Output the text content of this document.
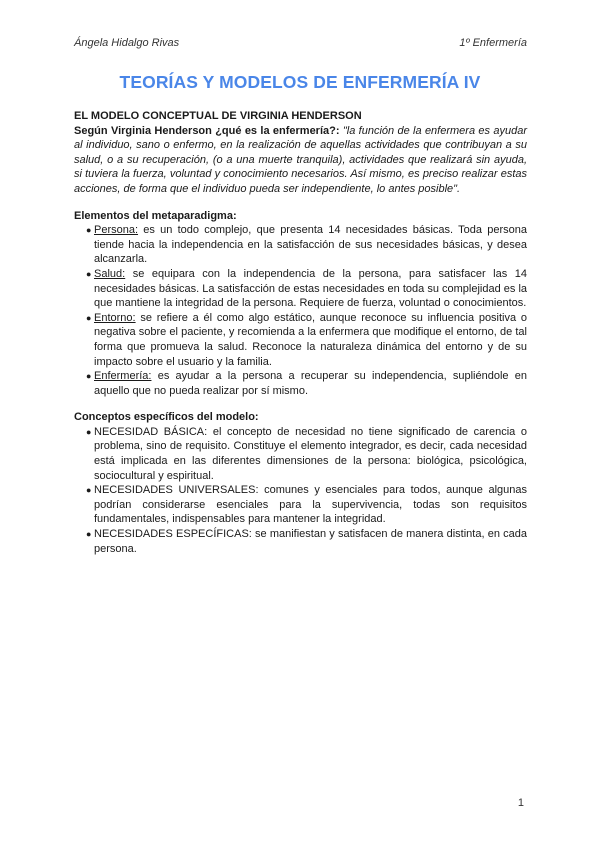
Ángela Hidalgo Rivas	1º Enfermería
TEORÍAS Y MODELOS DE ENFERMERÍA IV
EL MODELO CONCEPTUAL DE VIRGINIA HENDERSON
Según Virginia Henderson ¿qué es la enfermería?: "la función de la enfermera es ayudar al individuo, sano o enfermo, en la realización de aquellas actividades que contribuyan a su salud, o a su recuperación, (o a una muerte tranquila), actividades que realizará sin ayuda, si tuviera la fuerza, voluntad y conocimiento necesarios. Así mismo, es preciso realizar estas acciones, de forma que el individuo pueda ser independiente, lo antes posible".
Elementos del metaparadigma:
● Persona: es un todo complejo, que presenta 14 necesidades básicas. Toda persona tiende hacia la independencia en la satisfacción de sus necesidades básicas, y desea alcanzarla.
● Salud: se equipara con la independencia de la persona, para satisfacer las 14 necesidades básicas. La satisfacción de estas necesidades en toda su complejidad es la que mantiene la integridad de la persona. Requiere de fuerza, voluntad o conocimientos.
● Entorno: se refiere a él como algo estático, aunque reconoce su influencia positiva o negativa sobre el paciente, y recomienda a la enfermera que modifique el entorno, de tal forma que promueva la salud. Reconoce la naturaleza dinámica del entorno y de su impacto sobre el usuario y la familia.
● Enfermería: es ayudar a la persona a recuperar su independencia, supliéndole en aquello que no pueda realizar por sí mismo.
Conceptos específicos del modelo:
● NECESIDAD BÁSICA: el concepto de necesidad no tiene significado de carencia o problema, sino de requisito. Constituye el elemento integrador, es decir, cada necesidad está implicada en las diferentes dimensiones de la persona: biológica, psicológica, sociocultural y espiritual.
● NECESIDADES UNIVERSALES: comunes y esenciales para todos, aunque algunas podrían considerarse esenciales para la supervivencia, todas son requisitos fundamentales, indispensables para mantener la integridad.
● NECESIDADES ESPECÍFICAS: se manifiestan y satisfacen de manera distinta, en cada persona.
1
